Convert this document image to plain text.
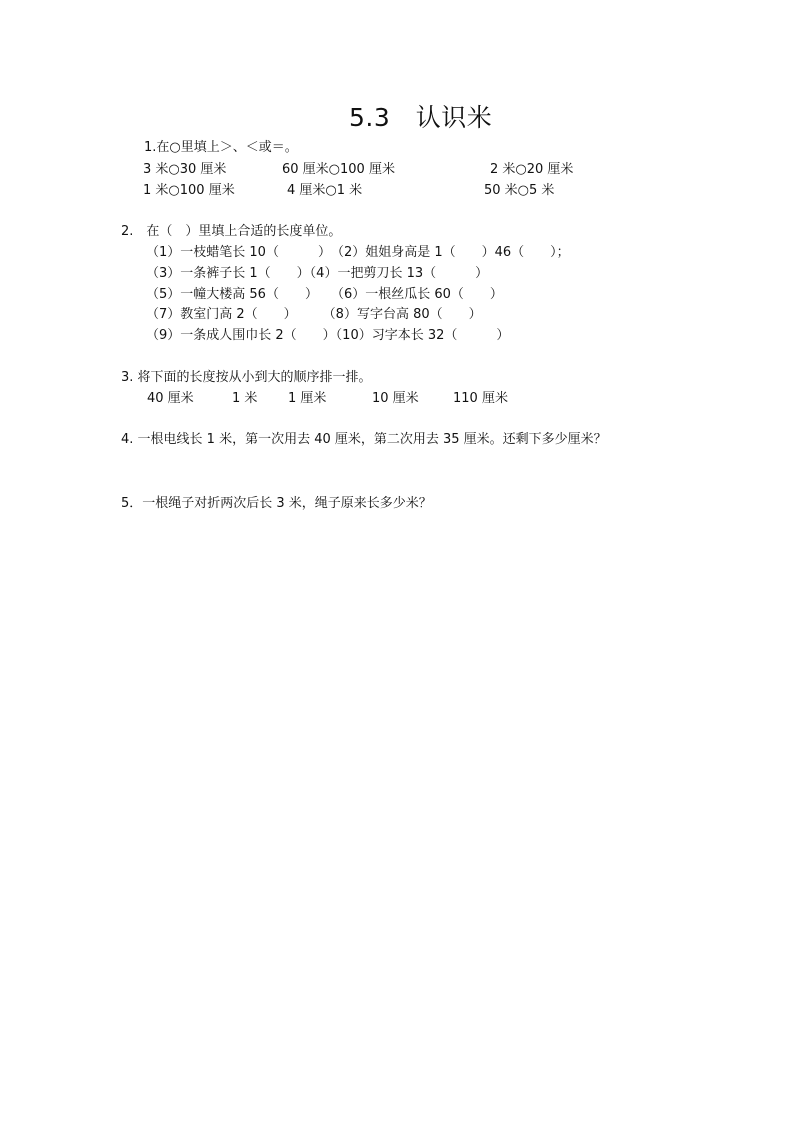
5.3　认识米
1.在○里填上＞、＜或＝。
3 米○30 厘米	60 厘米○100 厘米	2 米○20 厘米
1 米○100 厘米	4 厘米○1 米	50 米○5 米
2.　在（　）里填上合适的长度单位。
（1）一枝蜡笔长 10（　　　）　（2）姐姐身高是 1（　　）46（　　）；
（3）一条裤子长 1（　　）（4）一把剪刀长 13（　　　）
（5）一幢大楼高 56（　　）　　（6）一根丝瓜长 60（　　）
（7）教室门高 2（　　）　　　（8）写字台高 80（　　）
（9）一条成人围巾长 2（　　）（10）习字本长 32（　　　）
3. 将下面的长度按从小到大的顺序排一排。
40 厘米	1 米 1 厘米	10 厘米	110 厘米
4. 一根电线长 1 米，第一次用去 40 厘米，第二次用去 35 厘米。还剩下多少厘米？
5．一根绳子对折两次后长 3 米，绳子原来长多少米？
